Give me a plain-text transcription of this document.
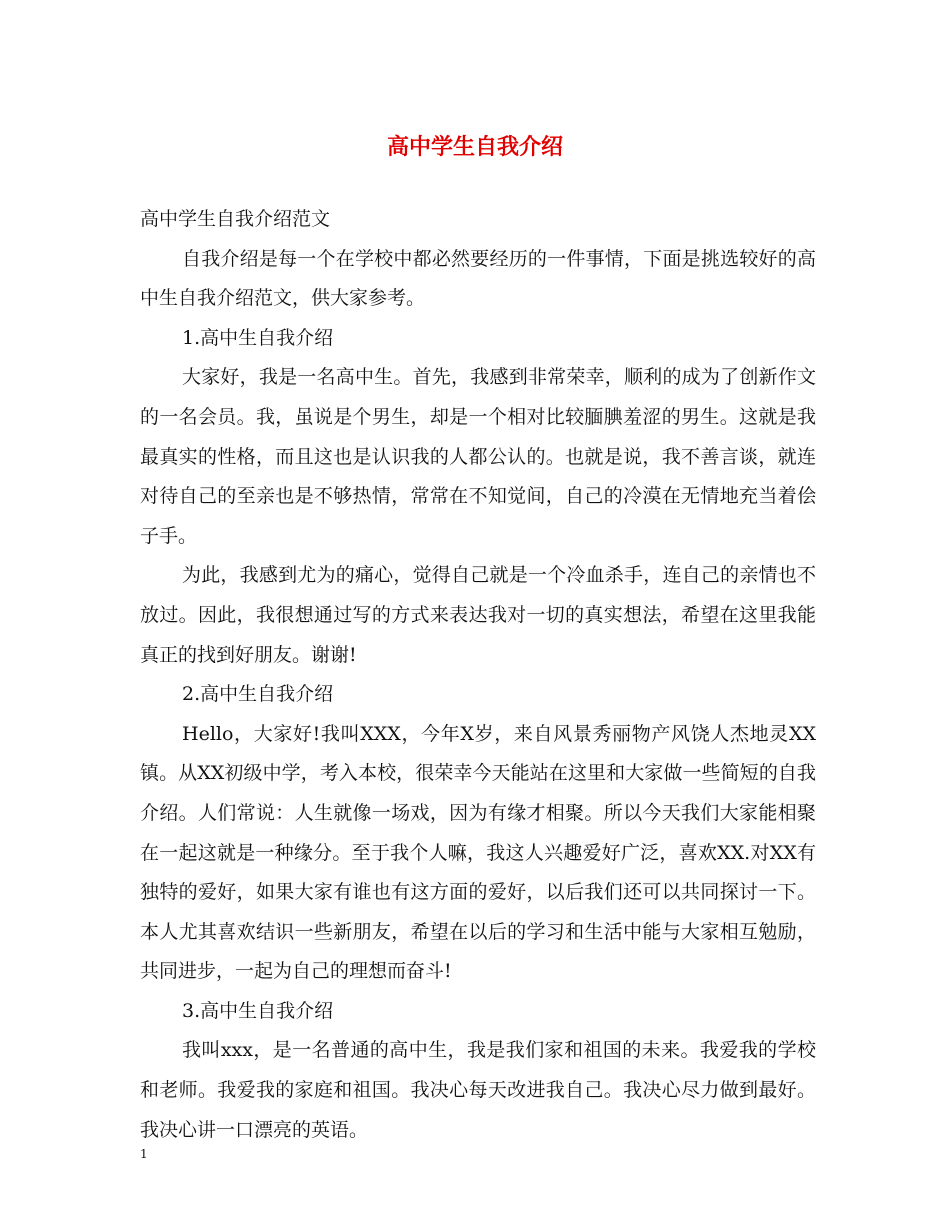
高中学生自我介绍

高中学生自我介绍范文

自我介绍是每一个在学校中都必然要经历的一件事情，下面是挑选较好的高中生自我介绍范文，供大家参考。

1.高中生自我介绍

大家好，我是一名高中生。首先，我感到非常荣幸，顺利的成为了创新作文的一名会员。我，虽说是个男生，却是一个相对比较腼腆羞涩的男生。这就是我最真实的性格，而且这也是认识我的人都公认的。也就是说，我不善言谈，就连对待自己的至亲也是不够热情，常常在不知觉间，自己的冷漠在无情地充当着侩子手。

为此，我感到尤为的痛心，觉得自己就是一个冷血杀手，连自己的亲情也不放过。因此，我很想通过写的方式来表达我对一切的真实想法，希望在这里我能真正的找到好朋友。谢谢!

2.高中生自我介绍

Hello，大家好!我叫XXX，今年X岁，来自风景秀丽物产风饶人杰地灵XX镇。从XX初级中学，考入本校，很荣幸今天能站在这里和大家做一些简短的自我介绍。人们常说：人生就像一场戏，因为有缘才相聚。所以今天我们大家能相聚在一起这就是一种缘分。至于我个人嘛，我这人兴趣爱好广泛，喜欢XX.对XX有独特的爱好，如果大家有谁也有这方面的爱好，以后我们还可以共同探讨一下。本人尤其喜欢结识一些新朋友，希望在以后的学习和生活中能与大家相互勉励，共同进步，一起为自己的理想而奋斗!

3.高中生自我介绍

我叫xxx，是一名普通的高中生，我是我们家和祖国的未来。我爱我的学校和老师。我爱我的家庭和祖国。我决心每天改进我自己。我决心尽力做到最好。我决心讲一口漂亮的英语。

1
